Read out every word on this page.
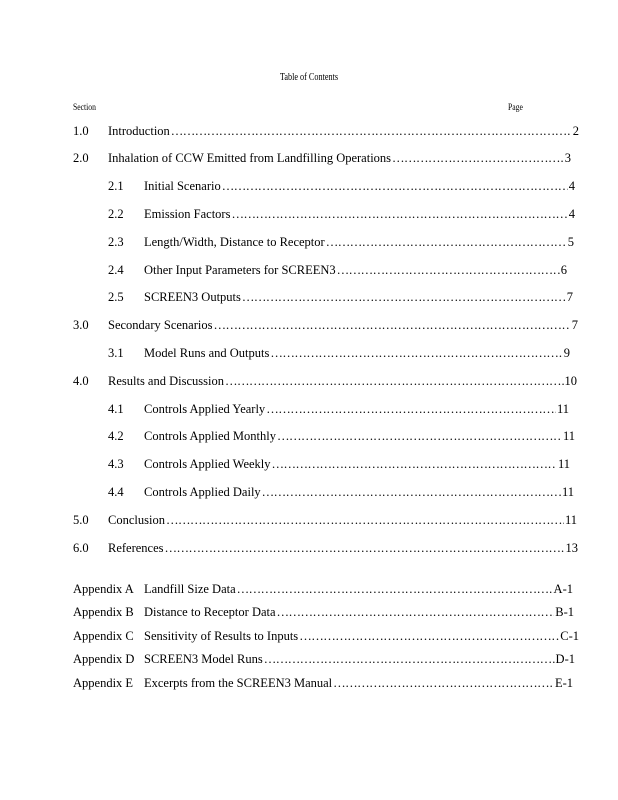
Table of Contents
Section	Page
1.0	Introduction ……………………………………………………………………………………………………………………………………………………………………………	2
2.0	Inhalation of CCW Emitted from Landfilling Operations ……………………………………………………………………………………………………………………………………………………………………………	3
2.1	Initial Scenario ……………………………………………………………………………………………………………………………………………………………………………	4
2.2	Emission Factors ……………………………………………………………………………………………………………………………………………………………………………	4
2.3	Length/Width, Distance to Receptor ……………………………………………………………………………………………………………………………………………………………………………	5
2.4	Other Input Parameters for SCREEN3 ……………………………………………………………………………………………………………………………………………………………………………	6
2.5	SCREEN3 Outputs ……………………………………………………………………………………………………………………………………………………………………………	7
3.0	Secondary Scenarios ……………………………………………………………………………………………………………………………………………………………………………	7
3.1	Model Runs and Outputs ……………………………………………………………………………………………………………………………………………………………………………	9
4.0	Results and Discussion ……………………………………………………………………………………………………………………………………………………………………………	10
4.1	Controls Applied Yearly ……………………………………………………………………………………………………………………………………………………………………………	11
4.2	Controls Applied Monthly ……………………………………………………………………………………………………………………………………………………………………………	11
4.3	Controls Applied Weekly ……………………………………………………………………………………………………………………………………………………………………………	11
4.4	Controls Applied Daily ……………………………………………………………………………………………………………………………………………………………………………	11
5.0	Conclusion ……………………………………………………………………………………………………………………………………………………………………………	11
6.0	References ……………………………………………………………………………………………………………………………………………………………………………	13
Appendix A Landfill Size Data ……………………………………………………………………………………………………………………………………………………………………………	A-1
Appendix B Distance to Receptor Data ……………………………………………………………………………………………………………………………………………………………………………	B-1
Appendix C Sensitivity of Results to Inputs ……………………………………………………………………………………………………………………………………………………………………………	C-1
Appendix D SCREEN3 Model Runs ……………………………………………………………………………………………………………………………………………………………………………	D-1
Appendix E Excerpts from the SCREEN3 Manual ……………………………………………………………………………………………………………………………………………………………………………	E-1
